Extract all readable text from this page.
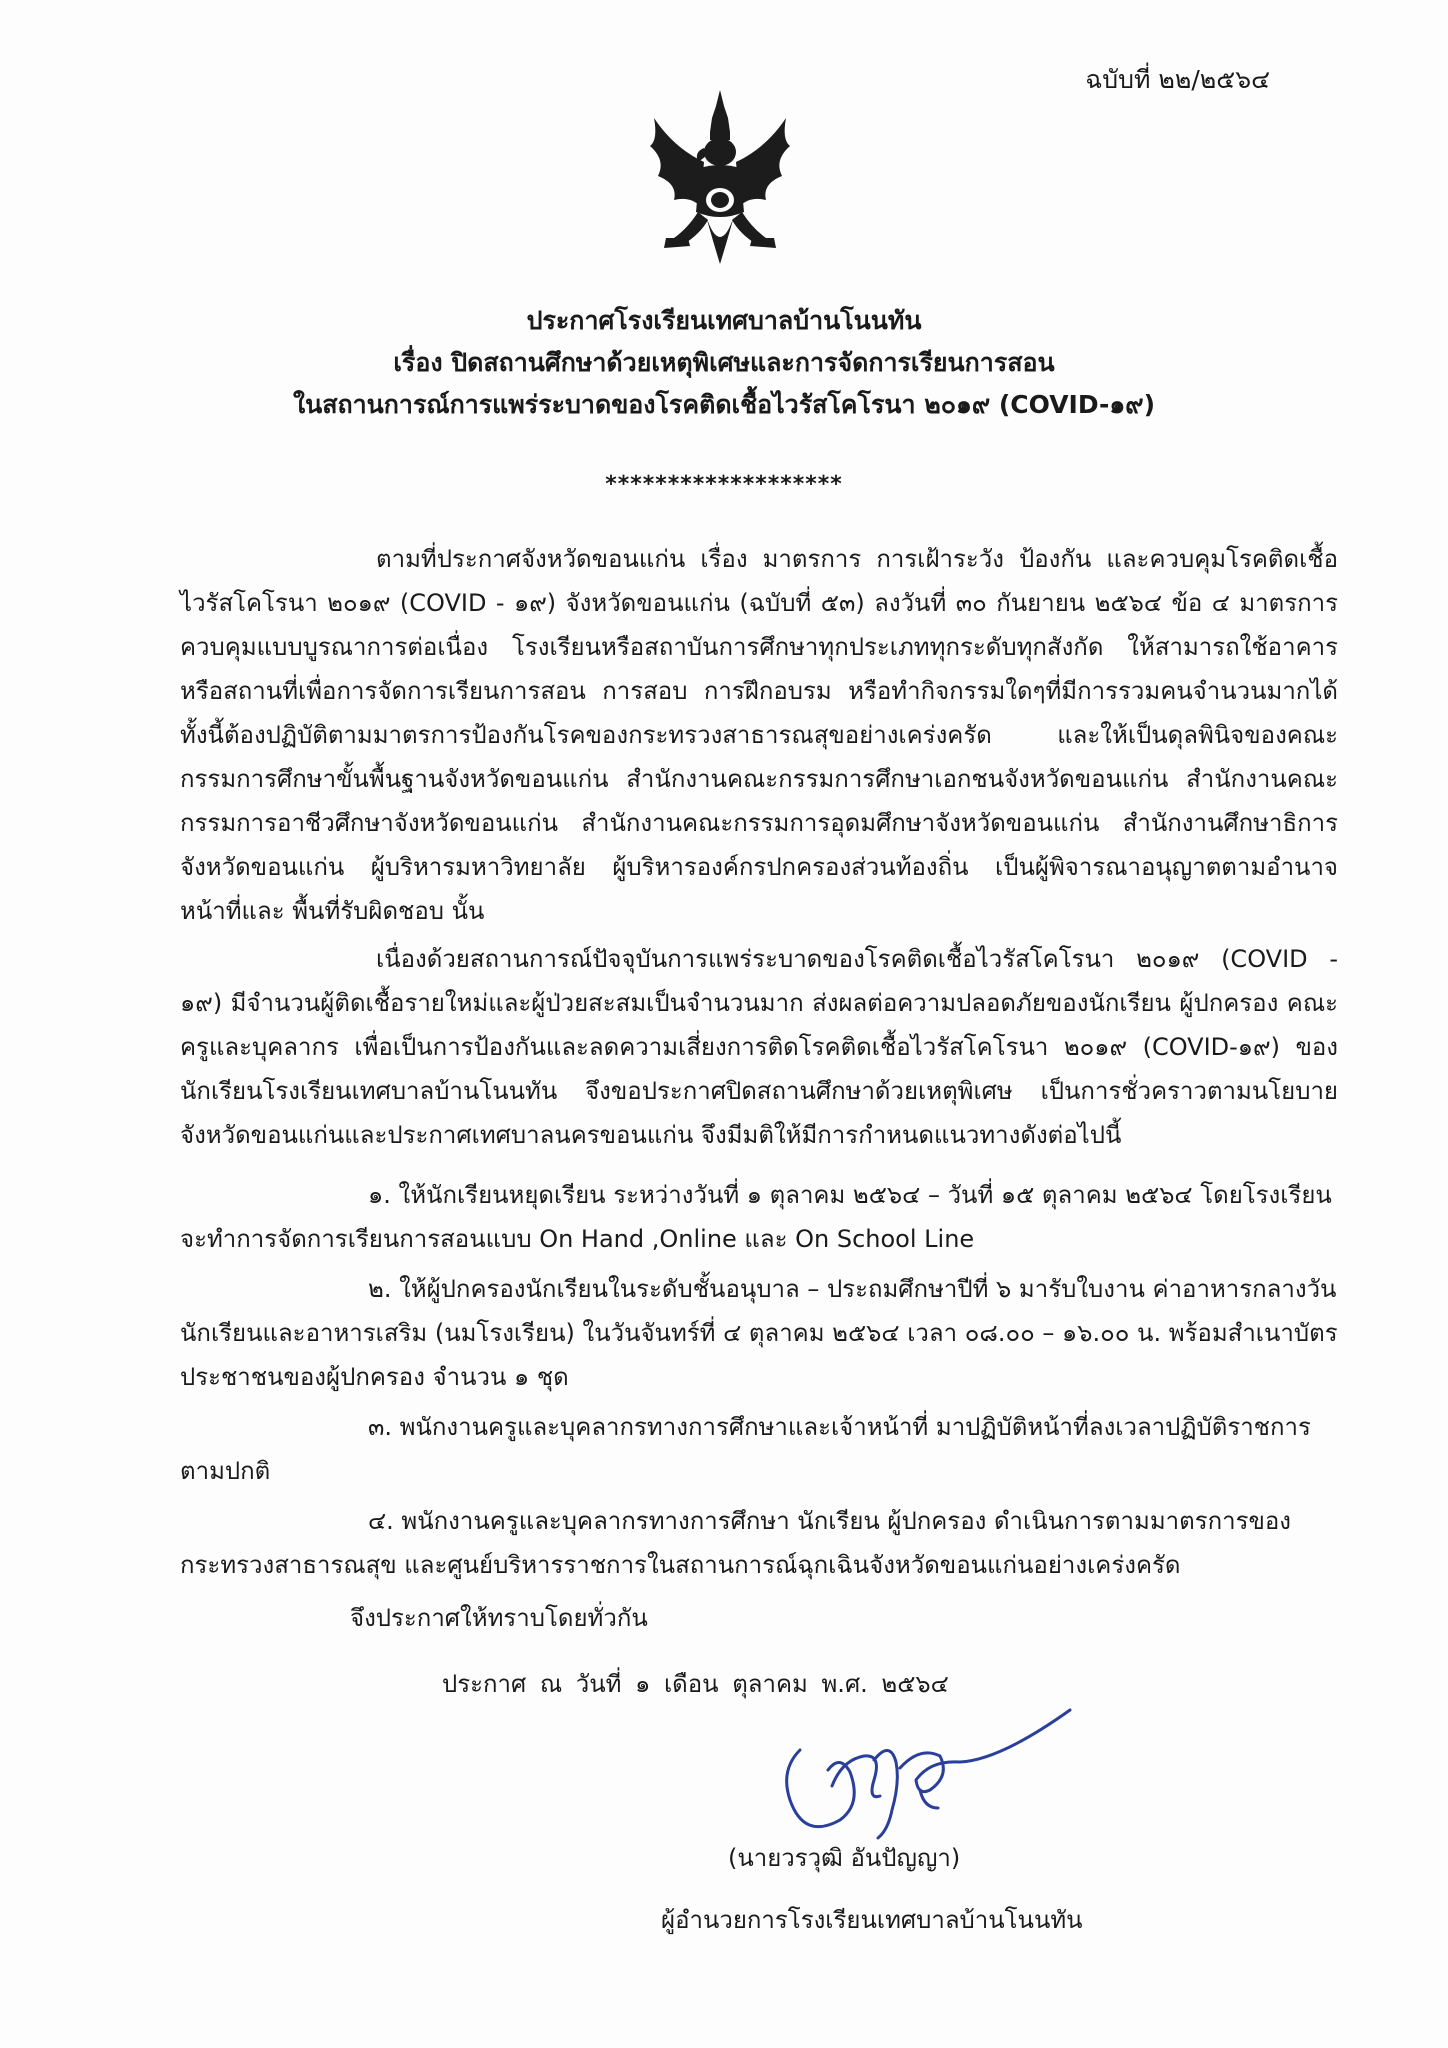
ฉบับที่ ๒๒/๒๕๖๔
ประกาศโรงเรียนเทศบาลบ้านโนนทัน
เรื่อง ปิดสถานศึกษาด้วยเหตุพิเศษและการจัดการเรียนการสอน
ในสถานการณ์การแพร่ระบาดของโรคติดเชื้อไวรัสโคโรนา ๒๐๑๙ (COVID-๑๙)
*******************

ตามที่ประกาศจังหวัดขอนแก่น เรื่อง มาตรการ การเฝ้าระวัง ป้องกัน และควบคุมโรคติดเชื้อไวรัสโคโรนา ๒๐๑๙ (COVID - ๑๙) จังหวัดขอนแก่น (ฉบับที่ ๕๓) ลงวันที่ ๓๐ กันยายน ๒๕๖๔ ข้อ ๔ มาตรการควบคุมแบบบูรณาการต่อเนื่อง โรงเรียนหรือสถาบันการศึกษาทุกประเภททุกระดับทุกสังกัด ให้สามารถใช้อาคารหรือสถานที่เพื่อการจัดการเรียนการสอน การสอบ การฝึกอบรม หรือทำกิจกรรมใดๆที่มีการรวมคนจำนวนมากได้ ทั้งนี้ต้องปฏิบัติตามมาตรการป้องกันโรคของกระทรวงสาธารณสุขอย่างเคร่งครัด และให้เป็นดุลพินิจของคณะกรรมการศึกษาขั้นพื้นฐานจังหวัดขอนแก่น สำนักงานคณะกรรมการศึกษาเอกชนจังหวัดขอนแก่น สำนักงานคณะกรรมการอาชีวศึกษาจังหวัดขอนแก่น สำนักงานคณะกรรมการอุดมศึกษาจังหวัดขอนแก่น สำนักงานศึกษาธิการจังหวัดขอนแก่น ผู้บริหารมหาวิทยาลัย ผู้บริหารองค์กรปกครองส่วนท้องถิ่น เป็นผู้พิจารณาอนุญาตตามอำนาจหน้าที่และ พื้นที่รับผิดชอบ นั้น

เนื่องด้วยสถานการณ์ปัจจุบันการแพร่ระบาดของโรคติดเชื้อไวรัสโคโรนา ๒๐๑๙ (COVID - ๑๙) มีจำนวนผู้ติดเชื้อรายใหม่และผู้ป่วยสะสมเป็นจำนวนมาก ส่งผลต่อความปลอดภัยของนักเรียน ผู้ปกครอง คณะครูและบุคลากร เพื่อเป็นการป้องกันและลดความเสี่ยงการติดโรคติดเชื้อไวรัสโคโรนา ๒๐๑๙ (COVID-๑๙) ของนักเรียนโรงเรียนเทศบาลบ้านโนนทัน จึงขอประกาศปิดสถานศึกษาด้วยเหตุพิเศษ เป็นการชั่วคราวตามนโยบายจังหวัดขอนแก่นและประกาศเทศบาลนครขอนแก่น จึงมีมติให้มีการกำหนดแนวทางดังต่อไปนี้

๑. ให้นักเรียนหยุดเรียน ระหว่างวันที่ ๑ ตุลาคม ๒๕๖๔ – วันที่ ๑๕ ตุลาคม ๒๕๖๔ โดยโรงเรียนจะทำการจัดการเรียนการสอนแบบ On Hand ,Online และ On School Line

๒. ให้ผู้ปกครองนักเรียนในระดับชั้นอนุบาล – ประถมศึกษาปีที่ ๖ มารับใบงาน ค่าอาหารกลางวันนักเรียนและอาหารเสริม (นมโรงเรียน) ในวันจันทร์ที่ ๔ ตุลาคม ๒๕๖๔ เวลา ๐๘.๐๐ – ๑๖.๐๐ น. พร้อมสำเนาบัตรประชาชนของผู้ปกครอง จำนวน ๑ ชุด

๓. พนักงานครูและบุคลากรทางการศึกษาและเจ้าหน้าที่ มาปฏิบัติหน้าที่ลงเวลาปฏิบัติราชการตามปกติ

๔. พนักงานครูและบุคลากรทางการศึกษา นักเรียน ผู้ปกครอง ดำเนินการตามมาตรการของกระทรวงสาธารณสุข และศูนย์บริหารราชการในสถานการณ์ฉุกเฉินจังหวัดขอนแก่นอย่างเคร่งครัด

จึงประกาศให้ทราบโดยทั่วกัน
ประกาศ ณ วันที่ ๑ เดือน ตุลาคม พ.ศ. ๒๕๖๔
(นายวรวุฒิ อันปัญญา)
ผู้อำนวยการโรงเรียนเทศบาลบ้านโนนทัน
